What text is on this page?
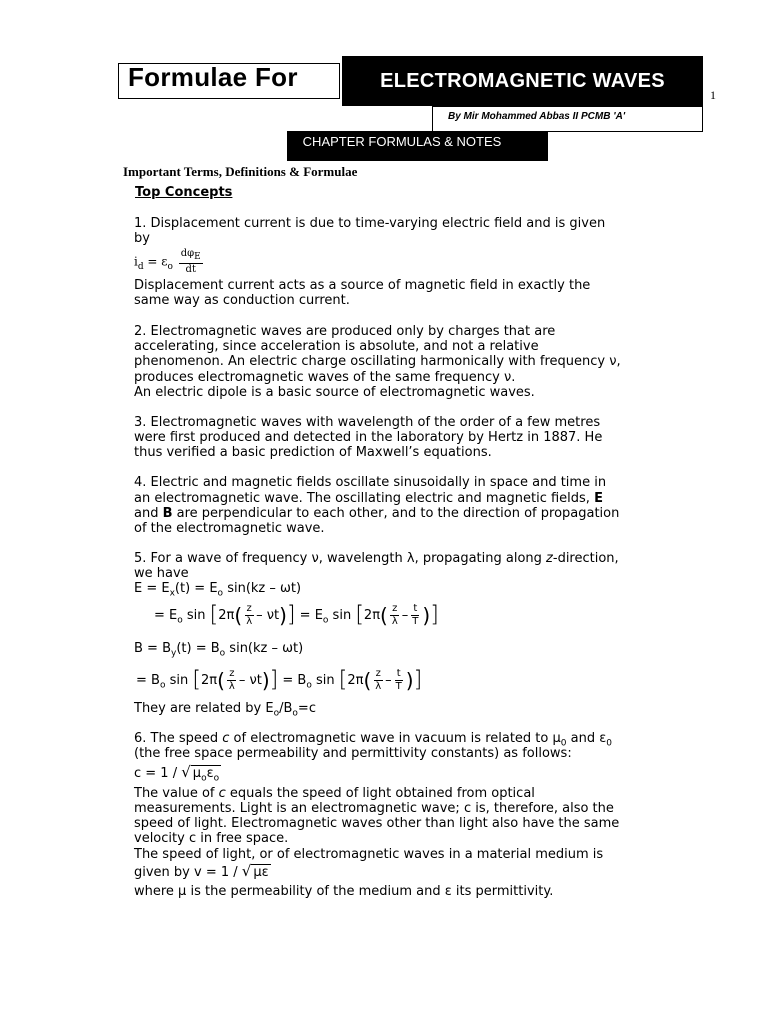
Formulae For	ELECTROMAGNETIC WAVES
1
By Mir Mohammed Abbas II PCMB 'A'
CHAPTER FORMULAS & NOTES
Important Terms, Definitions & Formulae
Top Concepts
1. Displacement current is due to time-varying electric field and is given
by
$i_d = \varepsilon_o \frac{d\varphi_E}{dt}$
Displacement current acts as a source of magnetic field in exactly the
same way as conduction current.
2. Electromagnetic waves are produced only by charges that are
accelerating, since acceleration is absolute, and not a relative
phenomenon. An electric charge oscillating harmonically with frequency ν,
produces electromagnetic waves of the same frequency ν.
An electric dipole is a basic source of electromagnetic waves.
3. Electromagnetic waves with wavelength of the order of a few metres
were first produced and detected in the laboratory by Hertz in 1887. He
thus verified a basic prediction of Maxwell’s equations.
4. Electric and magnetic fields oscillate sinusoidally in space and time in
an electromagnetic wave. The oscillating electric and magnetic fields, E
and B are perpendicular to each other, and to the direction of propagation
of the electromagnetic wave.
5. For a wave of frequency ν, wavelength λ, propagating along z-direction,
we have
$E = E_x(t) = E_o$ sin(kz – ωt)
= $E_o$ $\sin [2\pi( \frac{z}{\lambda} - \nu t)] = E_o$ $\sin [2\pi( \frac{z}{\lambda} - \frac{t}{T}$ )]
$B = B_y(t) = B_o$ sin(kz – ωt)
= $B_o$ $\sin [2\pi( \frac{z}{\lambda} - \nu t)] = B_o$ $\sin [2\pi( \frac{z}{\lambda} - \frac{t}{T}$ )]
They are related by $E_o/B_o=c$
6. The speed c of electromagnetic wave in vacuum is related to $\mu_0$ and $\varepsilon_0$
(the free space permeability and permittivity constants) as follows:
c = 1 / √ $\mu_o\varepsilon_o$
The value of c equals the speed of light obtained from optical
measurements. Light is an electromagnetic wave; c is, therefore, also the
speed of light. Electromagnetic waves other than light also have the same
velocity c in free space.
The speed of light, or of electromagnetic waves in a material medium is
given by v = 1 / √ με
where μ is the permeability of the medium and ε its permittivity.
